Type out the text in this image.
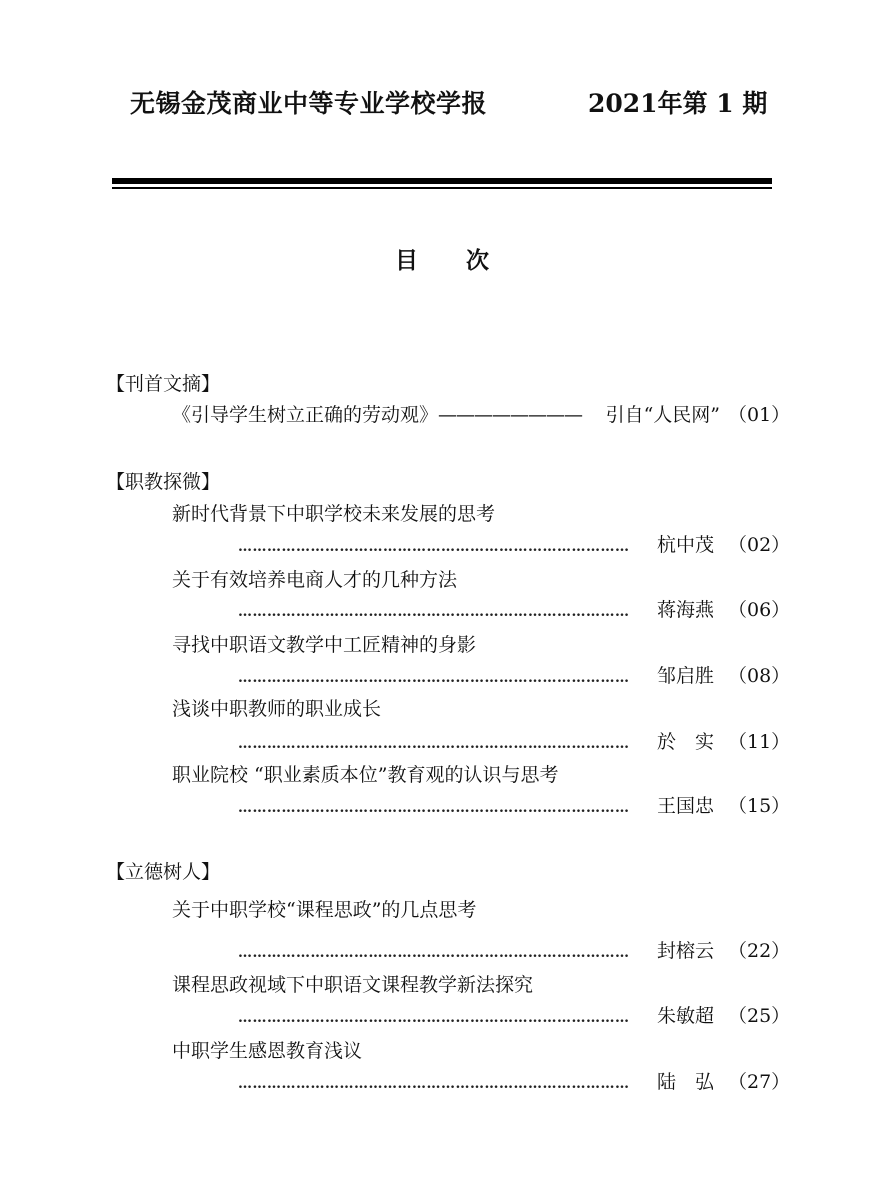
无锡金茂商业中等专业学校学报	2021年第 1 期
目 次
【刊首文摘】
《引导学生树立正确的劳动观》 ————————	引自“人民网” （01）
【职教探微】
新时代背景下中职学校未来发展的思考
………………………………………………………………………	杭中茂 （02）
关于有效培养电商人才的几种方法
………………………………………………………………………	蒋海燕 （06）
寻找中职语文教学中工匠精神的身影
………………………………………………………………………	邹启胜 （08）
浅谈中职教师的职业成长
………………………………………………………………………	於　实 （11）
职业院校 “职业素质本位”教育观的认识与思考
………………………………………………………………………	王国忠 （15）
【立德树人】
关于中职学校“课程思政”的几点思考
………………………………………………………………………	封榕云 （22）
课程思政视域下中职语文课程教学新法探究
………………………………………………………………………	朱敏超 （25）
中职学生感恩教育浅议
………………………………………………………………………	陆　弘 （27）
